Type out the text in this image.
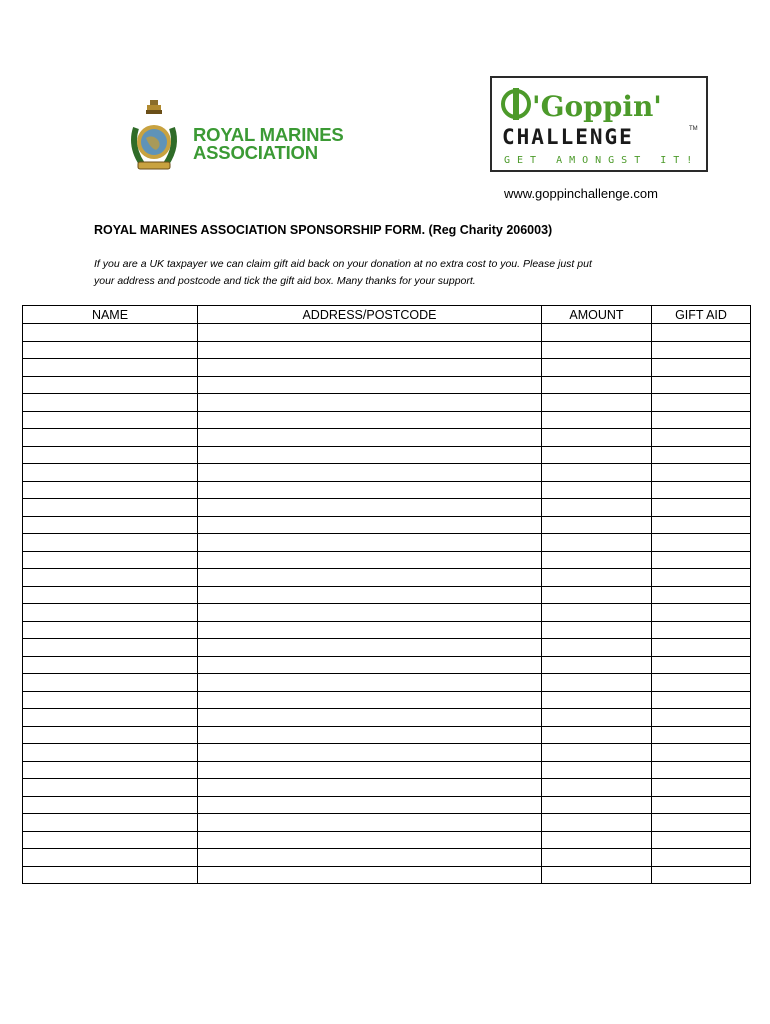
ROYAL MARINES
ASSOCIATION
'Goppin'
CHALLENGE	TM
GET AMONGST IT!
www.goppinchallenge.com
ROYAL MARINES ASSOCIATION SPONSORSHIP FORM. (Reg Charity 206003)

If you are a UK taxpayer we can claim gift aid back on your donation at no extra cost to you. Please just put

your address and postcode and tick the gift aid box. Many thanks for your support.

NAME	ADDRESS/POSTCODE	AMOUNT	GIFT AID
